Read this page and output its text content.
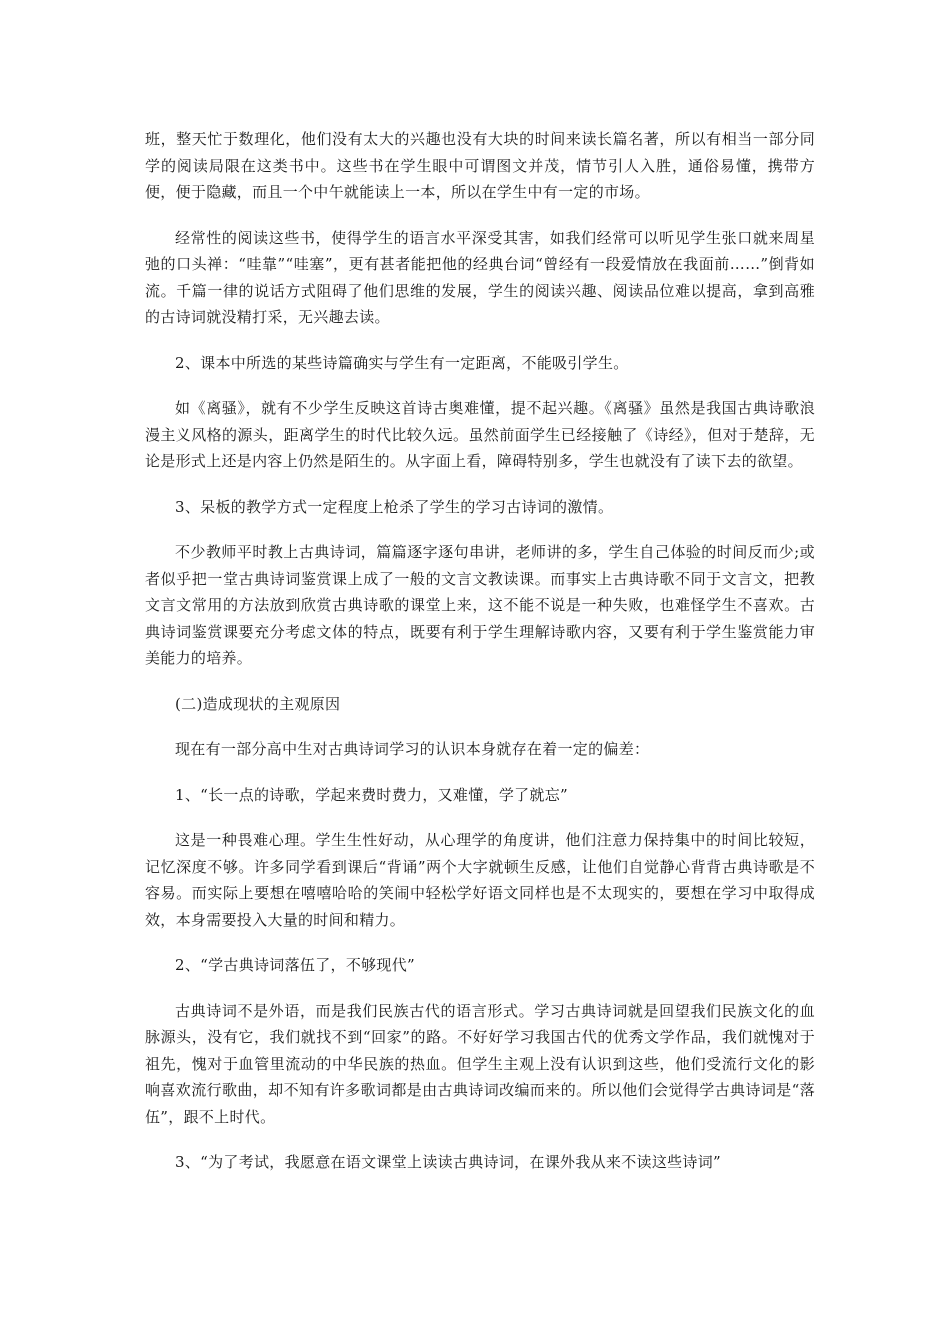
班，整天忙于数理化，他们没有太大的兴趣也没有大块的时间来读长篇名著，所以有相当一部分同学的阅读局限在这类书中。这些书在学生眼中可谓图文并茂，情节引人入胜，通俗易懂，携带方便，便于隐藏，而且一个中午就能读上一本，所以在学生中有一定的市场。

经常性的阅读这些书，使得学生的语言水平深受其害，如我们经常可以听见学生张口就来周星弛的口头禅：“哇靠”“哇塞”，更有甚者能把他的经典台词“曾经有一段爱情放在我面前……”倒背如流。千篇一律的说话方式阻碍了他们思维的发展，学生的阅读兴趣、阅读品位难以提高，拿到高雅的古诗词就没精打采，无兴趣去读。

2、课本中所选的某些诗篇确实与学生有一定距离，不能吸引学生。

如《离骚》，就有不少学生反映这首诗古奥难懂，提不起兴趣。《离骚》虽然是我国古典诗歌浪漫主义风格的源头，距离学生的时代比较久远。虽然前面学生已经接触了《诗经》，但对于楚辞，无论是形式上还是内容上仍然是陌生的。从字面上看，障碍特别多，学生也就没有了读下去的欲望。

3、呆板的教学方式一定程度上枪杀了学生的学习古诗词的激情。

不少教师平时教上古典诗词，篇篇逐字逐句串讲，老师讲的多，学生自己体验的时间反而少;或者似乎把一堂古典诗词鉴赏课上成了一般的文言文教读课。而事实上古典诗歌不同于文言文，把教文言文常用的方法放到欣赏古典诗歌的课堂上来，这不能不说是一种失败，也难怪学生不喜欢。古典诗词鉴赏课要充分考虑文体的特点，既要有利于学生理解诗歌内容，又要有利于学生鉴赏能力审美能力的培养。

(二)造成现状的主观原因

现在有一部分高中生对古典诗词学习的认识本身就存在着一定的偏差：

1、“长一点的诗歌，学起来费时费力，又难懂，学了就忘”

这是一种畏难心理。学生生性好动，从心理学的角度讲，他们注意力保持集中的时间比较短，记忆深度不够。许多同学看到课后“背诵”两个大字就顿生反感，让他们自觉静心背背古典诗歌是不容易。而实际上要想在嘻嘻哈哈的笑闹中轻松学好语文同样也是不太现实的，要想在学习中取得成效，本身需要投入大量的时间和精力。

2、“学古典诗词落伍了，不够现代”

古典诗词不是外语，而是我们民族古代的语言形式。学习古典诗词就是回望我们民族文化的血脉源头，没有它，我们就找不到“回家”的路。不好好学习我国古代的优秀文学作品，我们就愧对于祖先，愧对于血管里流动的中华民族的热血。但学生主观上没有认识到这些，他们受流行文化的影响喜欢流行歌曲，却不知有许多歌词都是由古典诗词改编而来的。所以他们会觉得学古典诗词是“落伍”，跟不上时代。

3、“为了考试，我愿意在语文课堂上读读古典诗词，在课外我从来不读这些诗词”
